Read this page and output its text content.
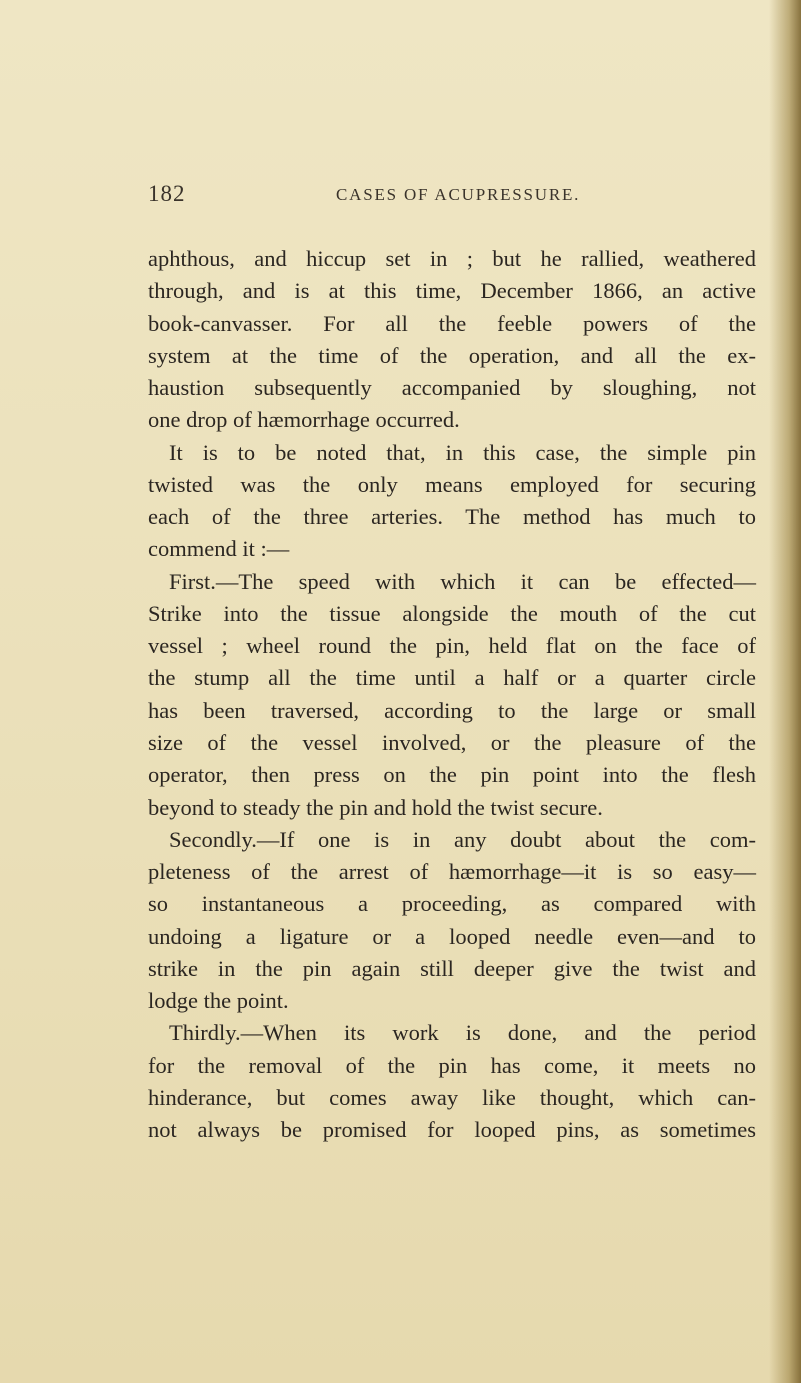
182	CASES OF ACUPRESSURE.
aphthous, and hiccup set in ; but he rallied, weathered
through, and is at this time, December 1866, an active
book-canvasser. For all the feeble powers of the
system at the time of the operation, and all the ex-
haustion subsequently accompanied by sloughing, not
one drop of hæmorrhage occurred.
It is to be noted that, in this case, the simple pin
twisted was the only means employed for securing
each of the three arteries. The method has much to
commend it :—
First.—The speed with which it can be effected—
Strike into the tissue alongside the mouth of the cut
vessel ; wheel round the pin, held flat on the face of
the stump all the time until a half or a quarter circle
has been traversed, according to the large or small
size of the vessel involved, or the pleasure of the
operator, then press on the pin point into the flesh
beyond to steady the pin and hold the twist secure.
Secondly.—If one is in any doubt about the com-
pleteness of the arrest of hæmorrhage—it is so easy—
so instantaneous a proceeding, as compared with
undoing a ligature or a looped needle even—and to
strike in the pin again still deeper give the twist and
lodge the point.
Thirdly.—When its work is done, and the period
for the removal of the pin has come, it meets no
hinderance, but comes away like thought, which can-
not always be promised for looped pins, as sometimes
